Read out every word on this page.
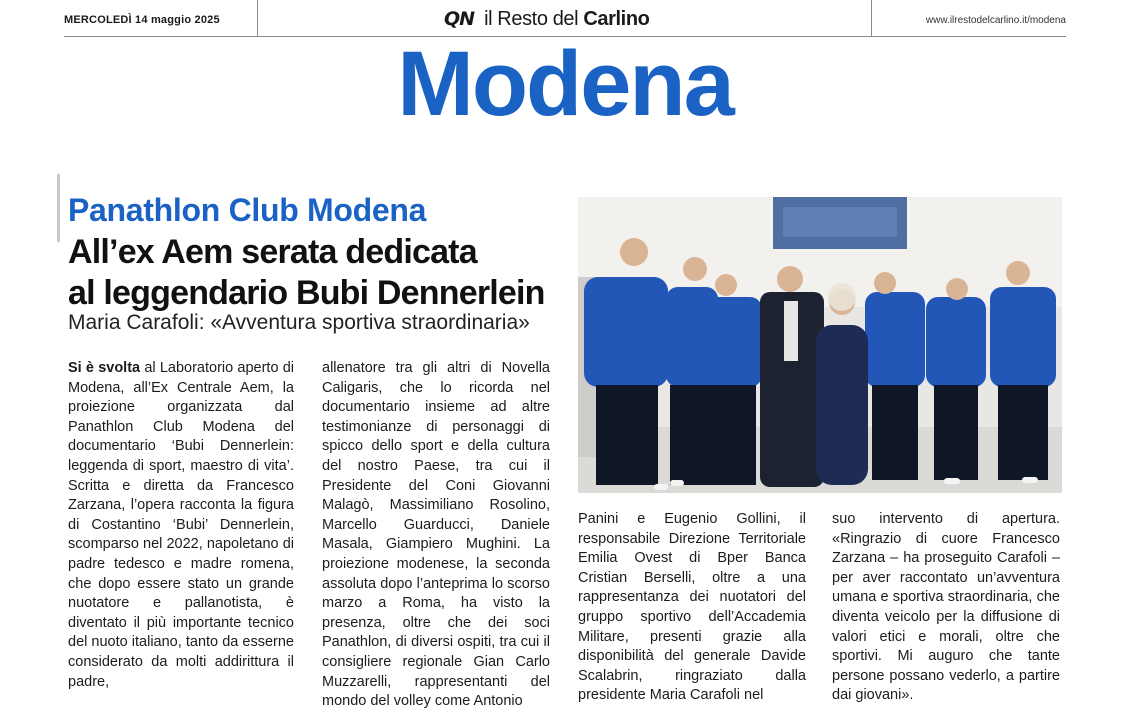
MERCOLEDÌ 14 maggio 2025	QN il Resto del Carlino	www.ilrestodelcarlino.it/modena
Modena
Panathlon Club Modena
All’ex Aem serata dedicata
al leggendario Bubi Dennerlein
Maria Carafoli: «Avventura sportiva straordinaria»
Si è svolta al Laboratorio aperto di Modena, all’Ex Centrale Aem, la proiezione organizzata dal Panathlon Club Modena del documentario ‘Bubi Dennerlein: leggenda di sport, maestro di vita’. Scritta e diretta da Francesco Zarzana, l’opera racconta la figura di Costantino ‘Bubi’ Dennerlein, scomparso nel 2022, napoletano di padre tedesco e madre romena, che dopo essere stato un grande nuotatore e pallanotista, è diventato il più importante tecnico del nuoto italiano, tanto da esserne considerato da molti addirittura il padre,
allenatore tra gli altri di Novella Caligaris, che lo ricorda nel documentario insieme ad altre testimonianze di personaggi di spicco dello sport e della cultura del nostro Paese, tra cui il Presidente del Coni Giovanni Malagò, Massimiliano Rosolino, Marcello Guarducci, Daniele Masala, Giampiero Mughini. La proiezione modenese, la seconda assoluta dopo l’anteprima lo scorso marzo a Roma, ha visto la presenza, oltre che dei soci Panathlon, di diversi ospiti, tra cui il consigliere regionale Gian Carlo Muzzarelli, rappresentanti del mondo del volley come Antonio
Panini e Eugenio Gollini, il responsabile Direzione Territoriale Emilia Ovest di Bper Banca Cristian Berselli, oltre a una rappresentanza dei nuotatori del gruppo sportivo dell’Accademia Militare, presenti grazie alla disponibilità del generale Davide Scalabrin, ringraziato dalla presidente Maria Carafoli nel
suo intervento di apertura. «Ringrazio di cuore Francesco Zarzana – ha proseguito Carafoli – per aver raccontato un’avventura umana e sportiva straordinaria, che diventa veicolo per la diffusione di valori etici e morali, oltre che sportivi. Mi auguro che tante persone possano vederlo, a partire dai giovani».
